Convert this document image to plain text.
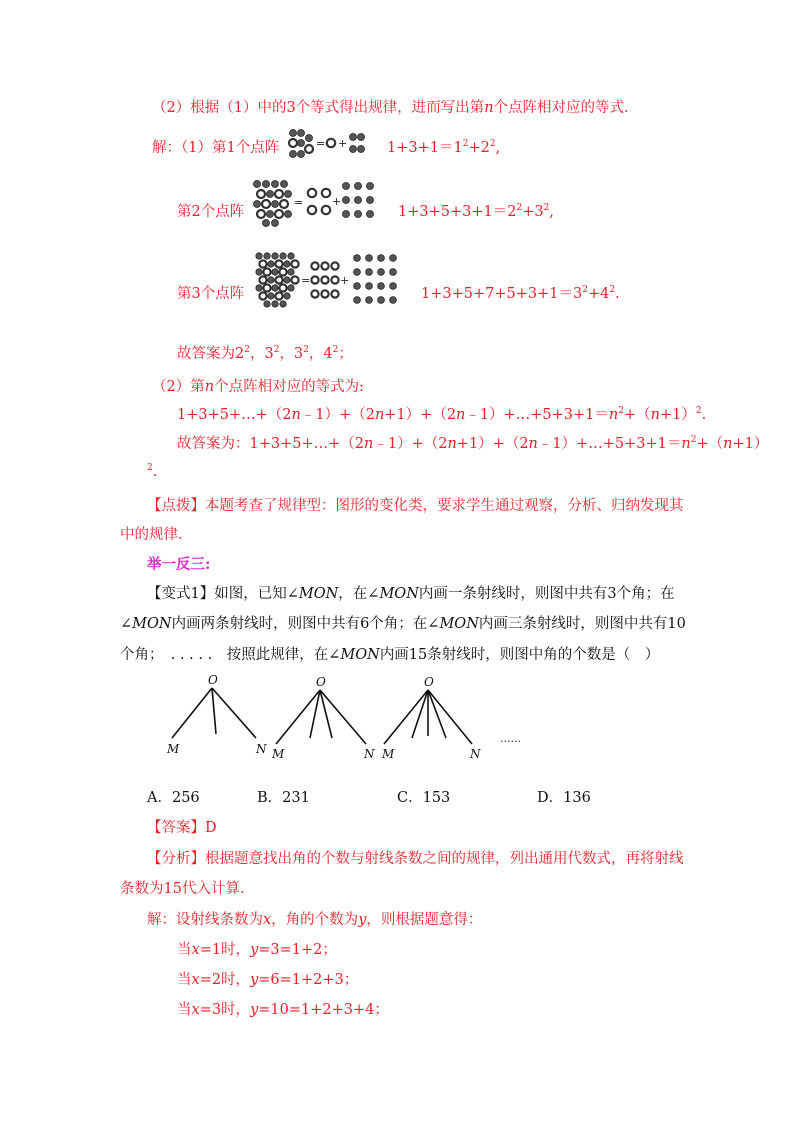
（2）根据（1）中的3个等式得出规律，进而写出第n个点阵相对应的等式.
解：（1）第1个点阵	= +	$1+3+1=1^2+2^2$,
第2个点阵
=	+
$1+3+5+3+1=2^2+3^2$,
第3个点阵
=	+
$1+3+5+7+5+3+1=3^2+4^2$.
故答案为$2^2$，$3^2$，$3^2$，$4^2$；
（2）第n个点阵相对应的等式为:
$1+3+5+\dots+(2n﹣1)+(2n+1)+(2n﹣1)+\dots+5+3+1=n^2+(n+1)^2$.
故答案为：$1+3+5+\dots+(2n﹣1)+(2n+1)+(2n﹣1)+\dots+5+3+1=n^2+(n+1)$
$^2$.
【点拨】本题考查了规律型：图形的变化类，要求学生通过观察，分析、归纳发现其
中的规律.
举一反三:
【变式1】如图，已知∠MON，在∠MON内画一条射线时，则图中共有3个角；在
∠MON内画两条射线时，则图中共有6个角；在∠MON内画三条射线时，则图中共有10
个角；　. . . . .　按照此规律，在∠MON内画15条射线时，则图中角的个数是（　）
O
M	N
O
M	N
O
M	N
......
A．256	B．231	C．153	D．136
【答案】D
【分析】根据题意找出角的个数与射线条数之间的规律，列出通用代数式，再将射线
条数为15代入计算.
解：设射线条数为x，角的个数为y，则根据题意得：
当x=1时，y=3=1+2；
当x=2时，y=6=1+2+3；
当x=3时，y=10=1+2+3+4；
